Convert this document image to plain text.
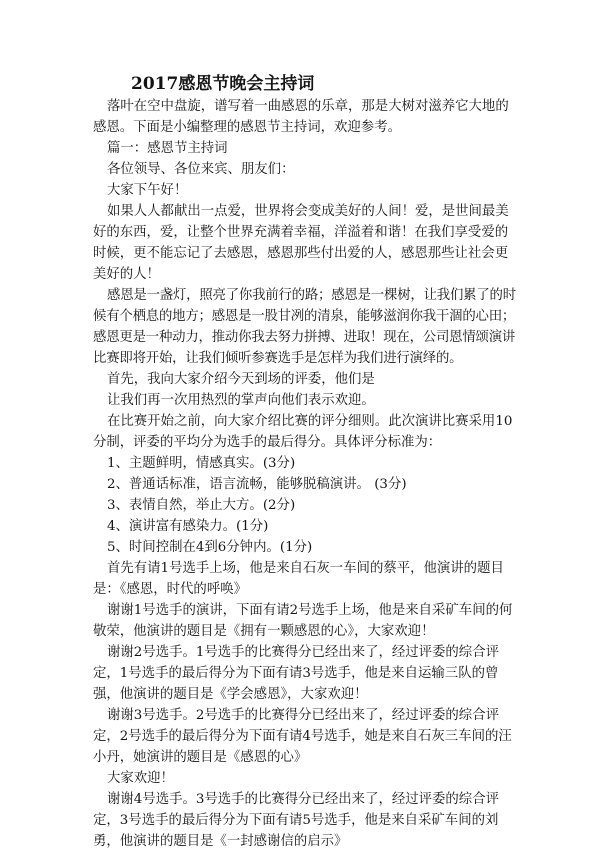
2017感恩节晚会主持词

落叶在空中盘旋，谱写着一曲感恩的乐章，那是大树对滋养它大地的感恩。下面是小编整理的感恩节主持词，欢迎参考。

篇一：感恩节主持词

各位领导、各位来宾、朋友们：

大家下午好！

如果人人都献出一点爱，世界将会变成美好的人间！爱，是世间最美好的东西，爱，让整个世界充满着幸福，洋溢着和谐！在我们享受爱的时候，更不能忘记了去感恩，感恩那些付出爱的人，感恩那些让社会更美好的人！

感恩是一盏灯，照亮了你我前行的路；感恩是一棵树，让我们累了的时候有个栖息的地方；感恩是一股甘冽的清泉，能够滋润你我干涸的心田；感恩更是一种动力，推动你我去努力拼搏、进取！现在，公司恩情颂演讲比赛即将开始，让我们倾听参赛选手是怎样为我们进行演绎的。

首先，我向大家介绍今天到场的评委，他们是

让我们再一次用热烈的掌声向他们表示欢迎。

在比赛开始之前，向大家介绍比赛的评分细则。此次演讲比赛采用10分制，评委的平均分为选手的最后得分。具体评分标准为：

1、主题鲜明，情感真实。(3分)

2、普通话标准，语言流畅，能够脱稿演讲。 (3分)

3、表情自然，举止大方。(2分)

4、演讲富有感染力。(1分)

5、时间控制在4到6分钟内。(1分)

首先有请1号选手上场，他是来自石灰一车间的蔡平，他演讲的题目是：《感恩，时代的呼唤》

谢谢1号选手的演讲，下面有请2号选手上场，他是来自采矿车间的何敬荣，他演讲的题目是《拥有一颗感恩的心》，大家欢迎！

谢谢2号选手。1号选手的比赛得分已经出来了，经过评委的综合评定，1号选手的最后得分为下面有请3号选手，他是来自运输三队的曾强，他演讲的题目是《学会感恩》，大家欢迎！

谢谢3号选手。2号选手的比赛得分已经出来了，经过评委的综合评定，2号选手的最后得分为下面有请4号选手，她是来自石灰三车间的汪小丹，她演讲的题目是《感恩的心》

大家欢迎！

谢谢4号选手。3号选手的比赛得分已经出来了，经过评委的综合评定，3号选手的最后得分为下面有请5号选手，他是来自采矿车间的刘勇，他演讲的题目是《一封感谢信的启示》
